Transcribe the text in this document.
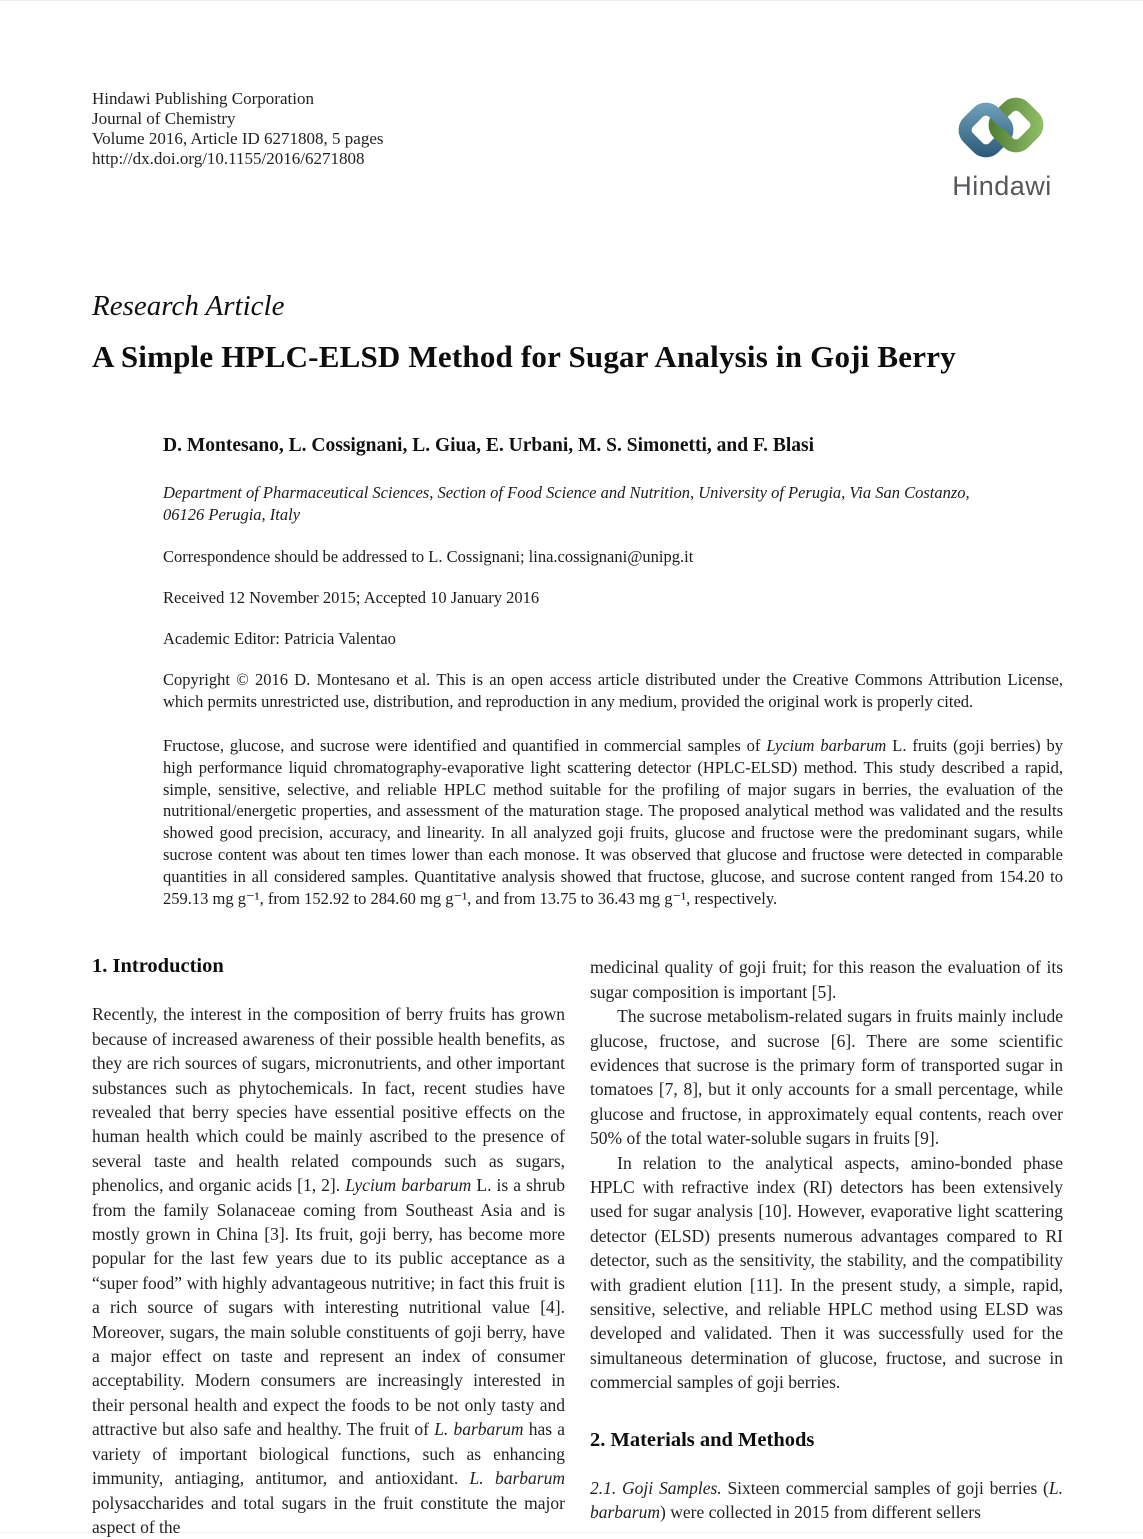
Hindawi Publishing Corporation
Journal of Chemistry
Volume 2016, Article ID 6271808, 5 pages
http://dx.doi.org/10.1155/2016/6271808
Hindawi
Research Article
A Simple HPLC-ELSD Method for Sugar Analysis in Goji Berry
D. Montesano, L. Cossignani, L. Giua, E. Urbani, M. S. Simonetti, and F. Blasi
Department of Pharmaceutical Sciences, Section of Food Science and Nutrition, University of Perugia, Via San Costanzo, 06126 Perugia, Italy
Correspondence should be addressed to L. Cossignani; lina.cossignani@unipg.it
Received 12 November 2015; Accepted 10 January 2016
Academic Editor: Patricia Valentao
Copyright © 2016 D. Montesano et al. This is an open access article distributed under the Creative Commons Attribution License, which permits unrestricted use, distribution, and reproduction in any medium, provided the original work is properly cited.
Fructose, glucose, and sucrose were identified and quantified in commercial samples of Lycium barbarum L. fruits (goji berries) by high performance liquid chromatography-evaporative light scattering detector (HPLC-ELSD) method. This study described a rapid, simple, sensitive, selective, and reliable HPLC method suitable for the profiling of major sugars in berries, the evaluation of the nutritional/energetic properties, and assessment of the maturation stage. The proposed analytical method was validated and the results showed good precision, accuracy, and linearity. In all analyzed goji fruits, glucose and fructose were the predominant sugars, while sucrose content was about ten times lower than each monose. It was observed that glucose and fructose were detected in comparable quantities in all considered samples. Quantitative analysis showed that fructose, glucose, and sucrose content ranged from 154.20 to 259.13 mg g⁻¹, from 152.92 to 284.60 mg g⁻¹, and from 13.75 to 36.43 mg g⁻¹, respectively.
1. Introduction

Recently, the interest in the composition of berry fruits has grown because of increased awareness of their possible health benefits, as they are rich sources of sugars, micronutrients, and other important substances such as phytochemicals. In fact, recent studies have revealed that berry species have essential positive effects on the human health which could be mainly ascribed to the presence of several taste and health related compounds such as sugars, phenolics, and organic acids [1, 2]. Lycium barbarum L. is a shrub from the family Solanaceae coming from Southeast Asia and is mostly grown in China [3]. Its fruit, goji berry, has become more popular for the last few years due to its public acceptance as a “super food” with highly advantageous nutritive; in fact this fruit is a rich source of sugars with interesting nutritional value [4]. Moreover, sugars, the main soluble constituents of goji berry, have a major effect on taste and represent an index of consumer acceptability. Modern consumers are increasingly interested in their personal health and expect the foods to be not only tasty and attractive but also safe and healthy. The fruit of L. barbarum has a variety of important biological functions, such as enhancing immunity, antiaging, antitumor, and antioxidant. L. barbarum polysaccharides and total sugars in the fruit constitute the major aspect of the

medicinal quality of goji fruit; for this reason the evaluation of its sugar composition is important [5].

The sucrose metabolism-related sugars in fruits mainly include glucose, fructose, and sucrose [6]. There are some scientific evidences that sucrose is the primary form of transported sugar in tomatoes [7, 8], but it only accounts for a small percentage, while glucose and fructose, in approximately equal contents, reach over 50% of the total water-soluble sugars in fruits [9].

In relation to the analytical aspects, amino-bonded phase HPLC with refractive index (RI) detectors has been extensively used for sugar analysis [10]. However, evaporative light scattering detector (ELSD) presents numerous advantages compared to RI detector, such as the sensitivity, the stability, and the compatibility with gradient elution [11]. In the present study, a simple, rapid, sensitive, selective, and reliable HPLC method using ELSD was developed and validated. Then it was successfully used for the simultaneous determination of glucose, fructose, and sucrose in commercial samples of goji berries.

2. Materials and Methods

2.1. Goji Samples. Sixteen commercial samples of goji berries (L. barbarum) were collected in 2015 from different sellers
